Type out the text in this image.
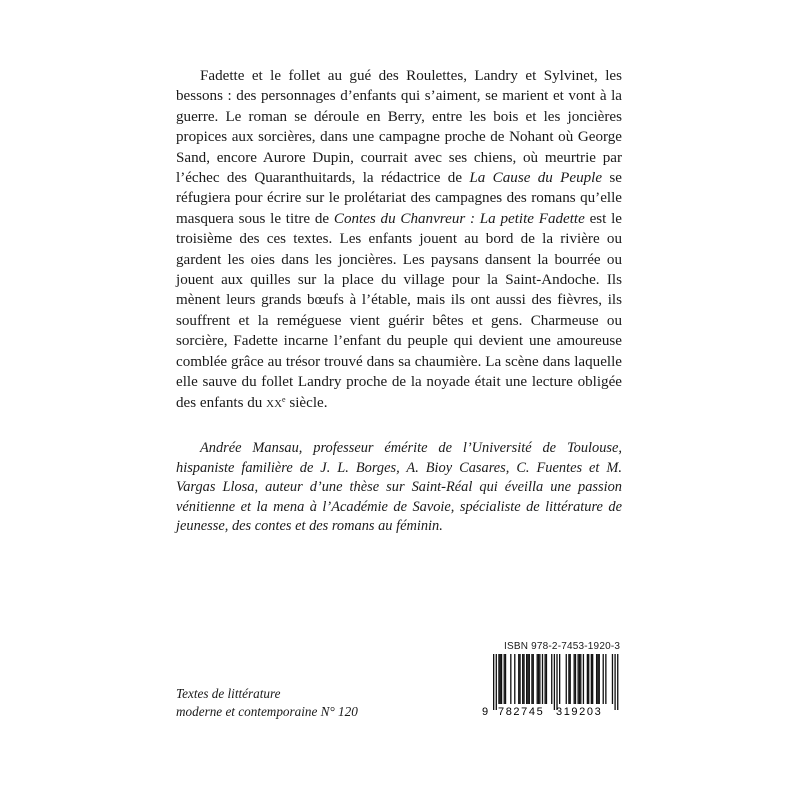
Fadette et le follet au gué des Roulettes, Landry et Sylvinet, les bessons : des personnages d’enfants qui s’aiment, se marient et vont à la guerre. Le roman se déroule en Berry, entre les bois et les joncières propices aux sorcières, dans une campagne proche de Nohant où George Sand, encore Aurore Dupin, courrait avec ses chiens, où meurtrie par l’échec des Quaranthuitards, la rédactrice de La Cause du Peuple se réfugiera pour écrire sur le prolétariat des campagnes des romans qu’elle masquera sous le titre de Contes du Chanvreur : La petite Fadette est le troisième des ces textes. Les enfants jouent au bord de la rivière ou gardent les oies dans les joncières. Les paysans dansent la bourrée ou jouent aux quilles sur la place du village pour la Saint-Andoche. Ils mènent leurs grands bœufs à l’étable, mais ils ont aussi des fièvres, ils souffrent et la reméguese vient guérir bêtes et gens. Charmeuse ou sorcière, Fadette incarne l’enfant du peuple qui devient une amoureuse comblée grâce au trésor trouvé dans sa chaumière. La scène dans laquelle elle sauve du follet Landry proche de la noyade était une lecture obligée des enfants du $xx^e$ siècle.

Andrée Mansau, professeur émérite de l’Université de Toulouse, hispaniste familière de J. L. Borges, A. Bioy Casares, C. Fuentes et M. Vargas Llosa, auteur d’une thèse sur Saint-Réal qui éveilla une passion vénitienne et la mena à l’Académie de Savoie, spécialiste de littérature de jeunesse, des contes et des romans au féminin.

Textes de littérature
moderne et contemporaine N° 120
ISBN 978-2-7453-1920-3
9 782745 319203
